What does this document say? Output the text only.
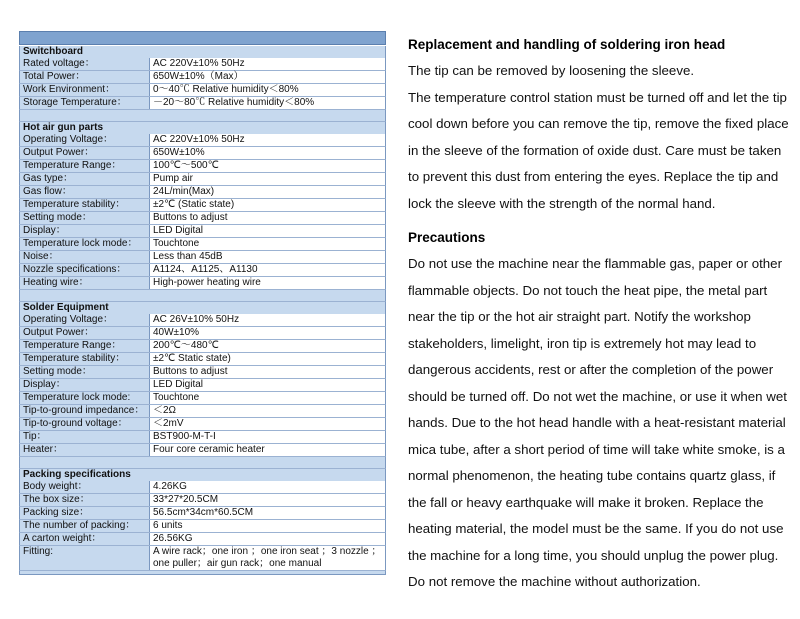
Switchboard
Rated voltage：	AC 220V±10% 50Hz
Total Power：	650W±10%（Max）
Work Environment：	0～40℃ Relative humidity＜80%
Storage Temperature：	－20～80℃ Relative humidity＜80%
Hot air gun parts
Operating Voltage：	AC 220V±10% 50Hz
Output Power：	650W±10%
Temperature Range：	100℃～500℃
Gas type：	Pump air
Gas flow：	24L/min(Max)
Temperature stability：	±2℃ (Static state)
Setting mode：	Buttons to adjust
Display：	LED Digital
Temperature lock mode：	Touchtone
Noise：	Less than 45dB
Nozzle specifications：	A1124、A1125、A1130
Heating wire：	High-power heating wire
Solder Equipment
Operating Voltage：	AC 26V±10% 50Hz
Output Power：	40W±10%
Temperature Range：	200℃～480℃
Temperature stability：	±2℃ Static state)
Setting mode：	Buttons to adjust
Display：	LED Digital
Temperature lock mode:	Touchtone
Tip-to-ground impedance： ＜2Ω
Tip-to-ground voltage：	＜2mV
Tip：	BST900-M-T-I
Heater：	Four core ceramic heater
Packing specifications
Body weight：	4.26KG
The box size：	33*27*20.5CM
Packing size：	56.5cm*34cm*60.5CM
The number of packing：	6 units
A carton weight：	26.56KG
Fitting:	A wire rack；one iron ；one iron seat ；3 nozzle ；one puller；air gun rack；one manual
Replacement and handling of soldering iron head
The tip can be removed by loosening the sleeve.
The temperature control station must be turned off and let the tip
cool down before you can remove the tip, remove the fixed place
in the sleeve of the formation of oxide dust. Care must be taken
to prevent this dust from entering the eyes. Replace the tip and
lock the sleeve with the strength of the normal hand.
Precautions
Do not use the machine near the flammable gas, paper or other
flammable objects. Do not touch the heat pipe, the metal part
near the tip or the hot air straight part. Notify the workshop
stakeholders, limelight, iron tip is extremely hot may lead to
dangerous accidents, rest or after the completion of the power
should be turned off. Do not wet the machine, or use it when wet
hands. Due to the hot head handle with a heat-resistant material
mica tube, after a short period of time will take white smoke, is a
normal phenomenon, the heating tube contains quartz glass, if
the fall or heavy earthquake will make it broken. Replace the
heating material, the model must be the same. If you do not use
the machine for a long time, you should unplug the power plug.
Do not remove the machine without authorization.
